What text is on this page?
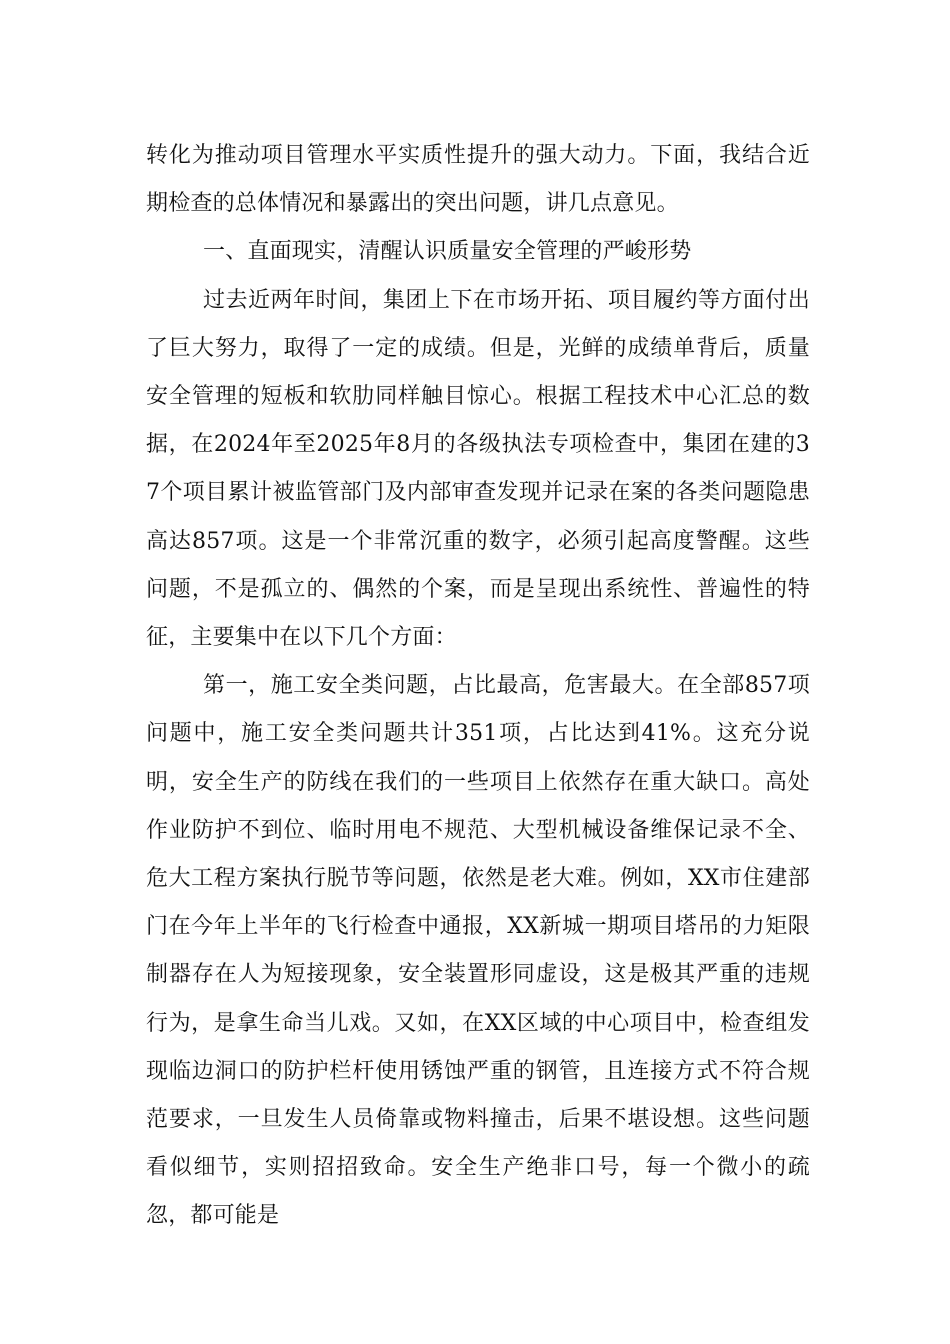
转化为推动项目管理水平实质性提升的强大动力。下面，我结合近期检查的总体情况和暴露出的突出问题，讲几点意见。

一、直面现实，清醒认识质量安全管理的严峻形势

过去近两年时间，集团上下在市场开拓、项目履约等方面付出了巨大努力，取得了一定的成绩。但是，光鲜的成绩单背后，质量安全管理的短板和软肋同样触目惊心。根据工程技术中心汇总的数据，在2024年至2025年8月的各级执法专项检查中，集团在建的37个项目累计被监管部门及内部审查发现并记录在案的各类问题隐患高达857项。这是一个非常沉重的数字，必须引起高度警醒。这些问题，不是孤立的、偶然的个案，而是呈现出系统性、普遍性的特征，主要集中在以下几个方面：

第一，施工安全类问题，占比最高，危害最大。在全部857项问题中，施工安全类问题共计351项，占比达到41%。这充分说明，安全生产的防线在我们的一些项目上依然存在重大缺口。高处作业防护不到位、临时用电不规范、大型机械设备维保记录不全、危大工程方案执行脱节等问题，依然是老大难。例如，XX市住建部门在今年上半年的飞行检查中通报，XX新城一期项目塔吊的力矩限制器存在人为短接现象，安全装置形同虚设，这是极其严重的违规行为，是拿生命当儿戏。又如，在XX区域的中心项目中，检查组发现临边洞口的防护栏杆使用锈蚀严重的钢管，且连接方式不符合规范要求，一旦发生人员倚靠或物料撞击，后果不堪设想。这些问题看似细节，实则招招致命。安全生产绝非口号，每一个微小的疏忽，都可能是
